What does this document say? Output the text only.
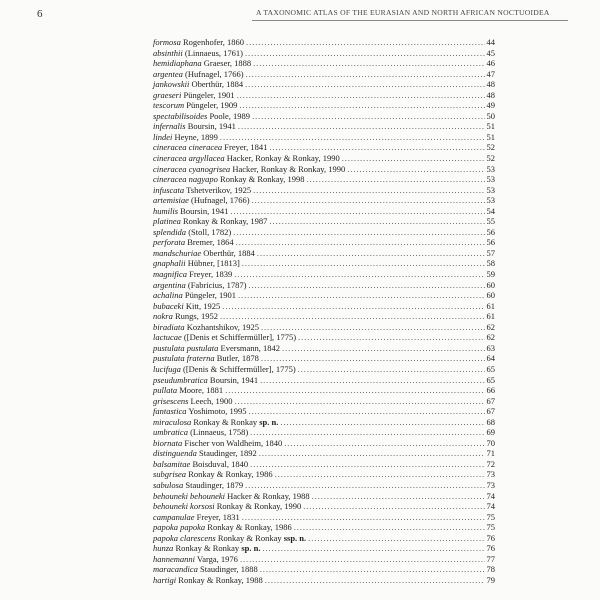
6	A TAXONOMIC ATLAS OF THE EURASIAN AND NORTH AFRICAN NOCTUOIDEA
formosa Rogenhofer, 1860 . . .	44
absinthii (Linnaeus, 1761) . . .	45
hemidiaphana Graeser, 1888 . . .	46
argentea (Hufnagel, 1766) . . .	47
jankowskii Oberthür, 1884 . . .	48
graeseri Püngeler, 1901 . . .	48
tescorum Püngeler, 1909 . . .	49
spectabilisoides Poole, 1989 . . .	50
infernalis Boursin, 1941 . . .	51
lindei Heyne, 1899 . . .	51
cineracea cineracea Freyer, 1841 . . .	52
cineracea argyllacea Hacker, Ronkay & Ronkay, 1990 . . .	52
cineracea cyanogrisea Hacker, Ronkay & Ronkay, 1990 . . .	53
cineracea nagyapo Ronkay & Ronkay, 1998 . . .	53
infuscata Tshetverikov, 1925 . . .	53
artemisiae (Hufnagel, 1766) . . .	53
humilis Boursin, 1941 . . .	54
platinea Ronkay & Ronkay, 1987 . . .	55
splendida (Stoll, 1782) . . .	56
perforata Bremer, 1864 . . .	56
mandschuriae Oberthür, 1884 . . .	57
gnaphalii Hübner, [1813] . . .	58
magnifica Freyer, 1839 . . .	59
argentina (Fabricius, 1787) . . .	60
achalina Püngeler, 1901 . . .	60
bubaceki Kitt, 1925 . . .	61
nokra Rungs, 1952 . . .	61
biradiata Kozhantshikov, 1925 . . .	62
lactucae ([Denis et Schiffermüller], 1775) . . .	62
pustulata pustulata Eversmann, 1842 . . .	63
pustulata fraterna Butler, 1878 . . .	64
lucifuga ([Denis & Schiffermüller], 1775) . . .	65
pseudumbratica Boursin, 1941 . . .	65
pullata Moore, 1881 . . .	66
grisescens Leech, 1900 . . .	67
fantastica Yoshimoto, 1995 . . .	67
miraculosa Ronkay & Ronkay sp. n. . . .	68
umbratica (Linnaeus, 1758) . . .	69
biornata Fischer von Waldheim, 1840 . . .	70
distinguenda Staudinger, 1892 . . .	71
balsamitae Boisduval, 1840 . . .	72
subgrisea Ronkay & Ronkay, 1986 . . .	73
sabulosa Staudinger, 1879 . . .	73
behouneki behouneki Hacker & Ronkay, 1988 . . .	74
behouneki korsosi Ronkay & Ronkay, 1990 . . .	74
campanulae Freyer, 1831 . . .	75
papoka papoka Ronkay & Ronkay, 1986 . . .	75
papoka clarescens Ronkay & Ronkay ssp. n. . . .	76
hunza Ronkay & Ronkay sp. n. . . .	76
hannemanni Varga, 1976 . . .	77
maracandica Staudinger, 1888 . . .	78
hartigi Ronkay & Ronkay, 1988 . . .	79
